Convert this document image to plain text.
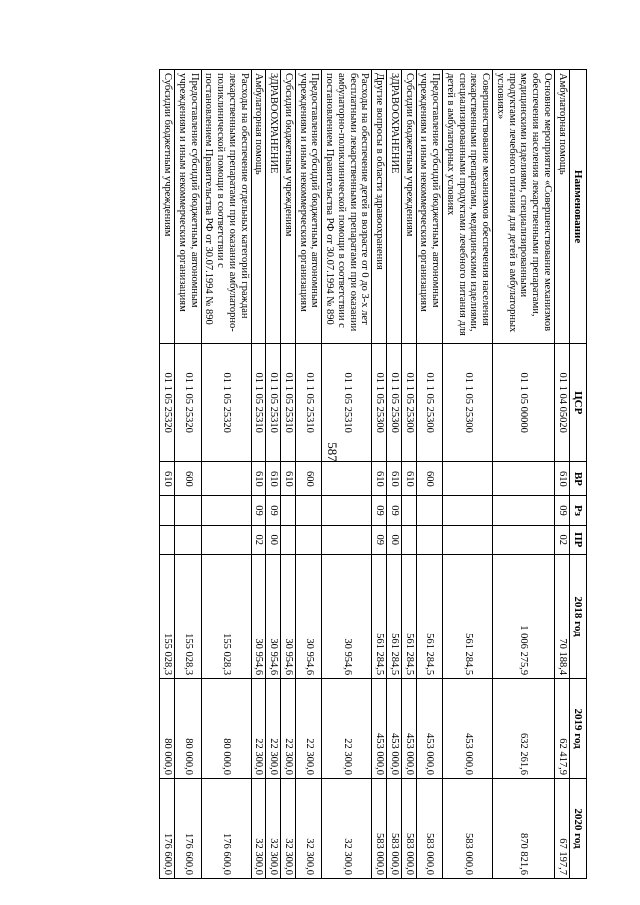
587
Наименование	ЦСР	ВР	Рз	ПР	2018 год	2019 год	2020 год
Амбулаторная помощь	01 1 04 05020	610	09	02	70 188,4	62 417,9	67 197,7
Основное мероприятие «Совершенствование механизмов обеспечения населения лекарственными препаратами, медицинскими изделиями, специализированными продуктами лечебного питания для детей в амбулаторных условиях»	01 1 05 00000				1 006 275,9	632 261,6	870 821,6
Совершенствование механизмов обеспечения населения лекарственными препаратами, медицинскими изделиями, специализированными продуктами лечебного питания для детей в амбулаторных условиях	01 1 05 25300				561 284,5	453 000,0	583 000,0
Предоставление субсидий бюджетным, автономным учреждениям и иным некоммерческим организациям	01 1 05 25300	600			561 284,5	453 000,0	583 000,0
Субсидии бюджетным учреждениям	01 1 05 25300	610			561 284,5	453 000,0	583 000,0
ЗДРАВООХРАНЕНИЕ	01 1 05 25300	610	09	00	561 284,5	453 000,0	583 000,0
Другие вопросы в области здравоохранения	01 1 05 25300	610	09	09	561 284,5	453 000,0	583 000,0
Расходы на обеспечение детей в возрасте от 0 до 3-х лет бесплатными лекарственными препаратами при оказании амбулаторно-поликлинической помощи в соответствии с постановлением Правительства РФ от 30.07.1994 № 890	01 1 05 25310				30 954,6	22 300,0	32 300,0
Предоставление субсидий бюджетным, автономным учреждениям и иным некоммерческим организациям	01 1 05 25310	600			30 954,6	22 300,0	32 300,0
Субсидии бюджетным учреждениям	01 1 05 25310	610			30 954,6	22 300,0	32 300,0
ЗДРАВООХРАНЕНИЕ	01 1 05 25310	610	09	00	30 954,6	22 300,0	32 300,0
Амбулаторная помощь	01 1 05 25310	610	09	02	30 954,6	22 300,0	32 300,0
Расходы на обеспечение отдельных категорий граждан лекарственными препаратами при оказании амбулаторно-поликлинической помощи в соответствии с постановлением Правительства РФ от 30.07.1994 № 890	01 1 05 25320				155 028,3	80 000,0	176 600,0
Предоставление субсидий бюджетным, автономным учреждениям и иным некоммерческим организациям	01 1 05 25320	600			155 028,3	80 000,0	176 600,0
Субсидии бюджетным учреждениям	01 1 05 25320	610			155 028,3	80 000,0	176 600,0
